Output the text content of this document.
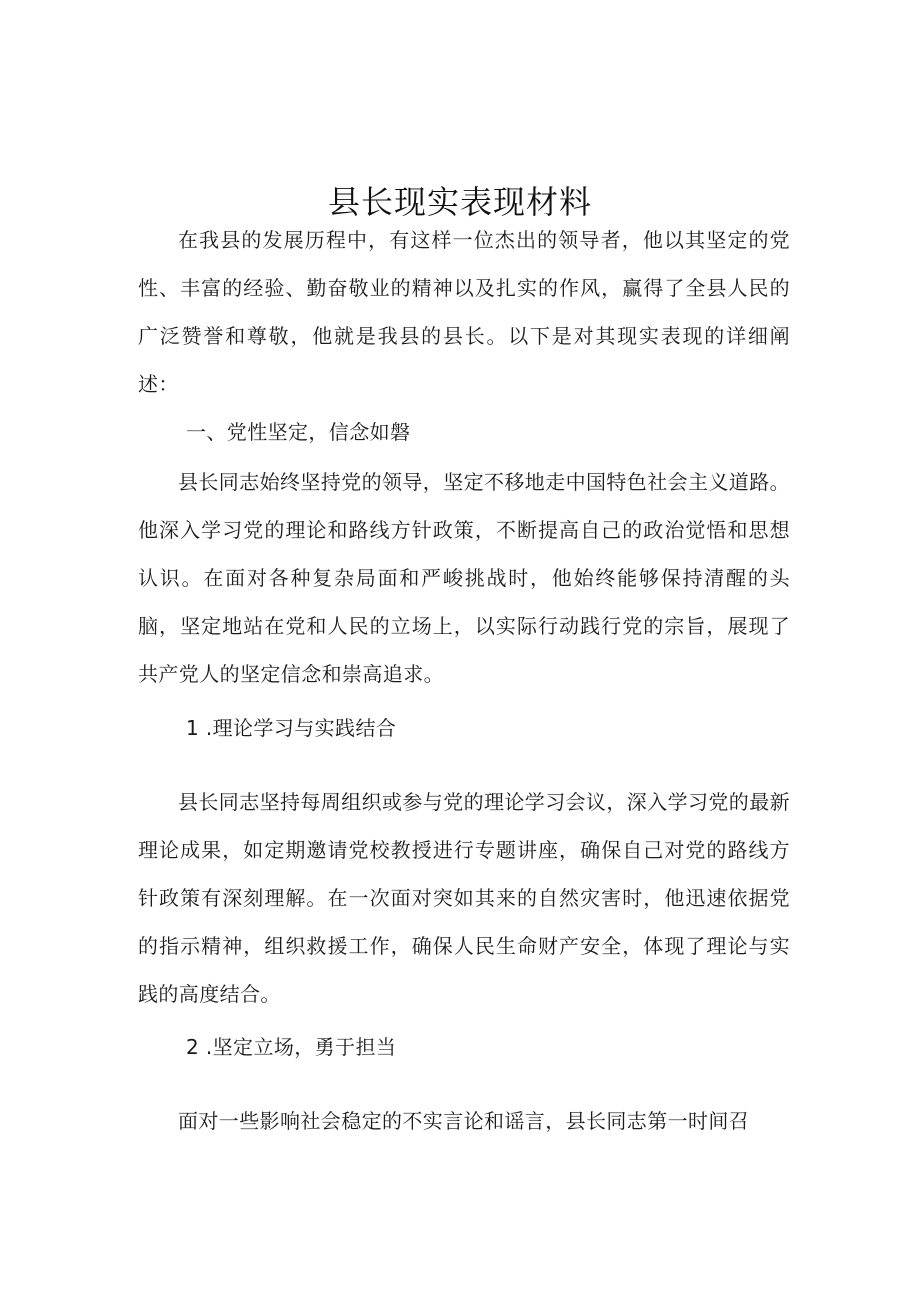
县长现实表现材料

在我县的发展历程中，有这样一位杰出的领导者，他以其坚定的党性、丰富的经验、勤奋敬业的精神以及扎实的作风，赢得了全县人民的广泛赞誉和尊敬，他就是我县的县长。以下是对其现实表现的详细阐述：

一、党性坚定，信念如磐

县长同志始终坚持党的领导，坚定不移地走中国特色社会主义道路。他深入学习党的理论和路线方针政策，不断提高自己的政治觉悟和思想认识。在面对各种复杂局面和严峻挑战时，他始终能够保持清醒的头脑，坚定地站在党和人民的立场上，以实际行动践行党的宗旨，展现了共产党人的坚定信念和崇高追求。

1 .理论学习与实践结合

县长同志坚持每周组织或参与党的理论学习会议，深入学习党的最新理论成果，如定期邀请党校教授进行专题讲座，确保自己对党的路线方针政策有深刻理解。在一次面对突如其来的自然灾害时，他迅速依据党的指示精神，组织救援工作，确保人民生命财产安全，体现了理论与实践的高度结合。

2 .坚定立场，勇于担当

面对一些影响社会稳定的不实言论和谣言，县长同志第一时间召
